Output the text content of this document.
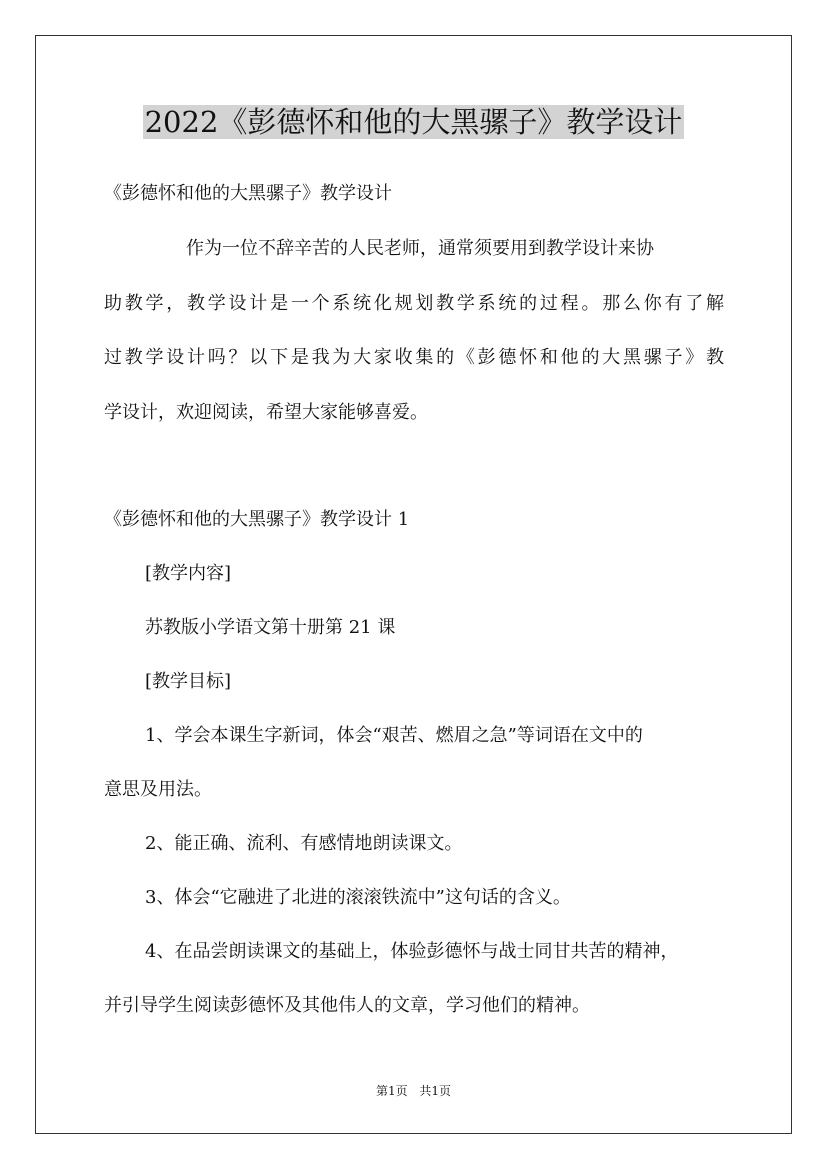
2022《彭德怀和他的大黑骡子》教学设计
《彭德怀和他的大黑骡子》教学设计
作为一位不辞辛苦的人民老师，通常须要用到教学设计来协
助教学，教学设计是一个系统化规划教学系统的过程。那么你有了解
过教学设计吗？以下是我为大家收集的《彭德怀和他的大黑骡子》教
学设计，欢迎阅读，希望大家能够喜爱。
《彭德怀和他的大黑骡子》教学设计 1
[教学内容]
苏教版小学语文第十册第 21 课
[教学目标]
1、学会本课生字新词，体会“艰苦、燃眉之急”等词语在文中的
意思及用法。
2、能正确、流利、有感情地朗读课文。
3、体会“它融进了北进的滚滚铁流中”这句话的含义。
4、在品尝朗读课文的基础上，体验彭德怀与战士同甘共苦的精神，
并引导学生阅读彭德怀及其他伟人的文章，学习他们的精神。
第1页 共1页
